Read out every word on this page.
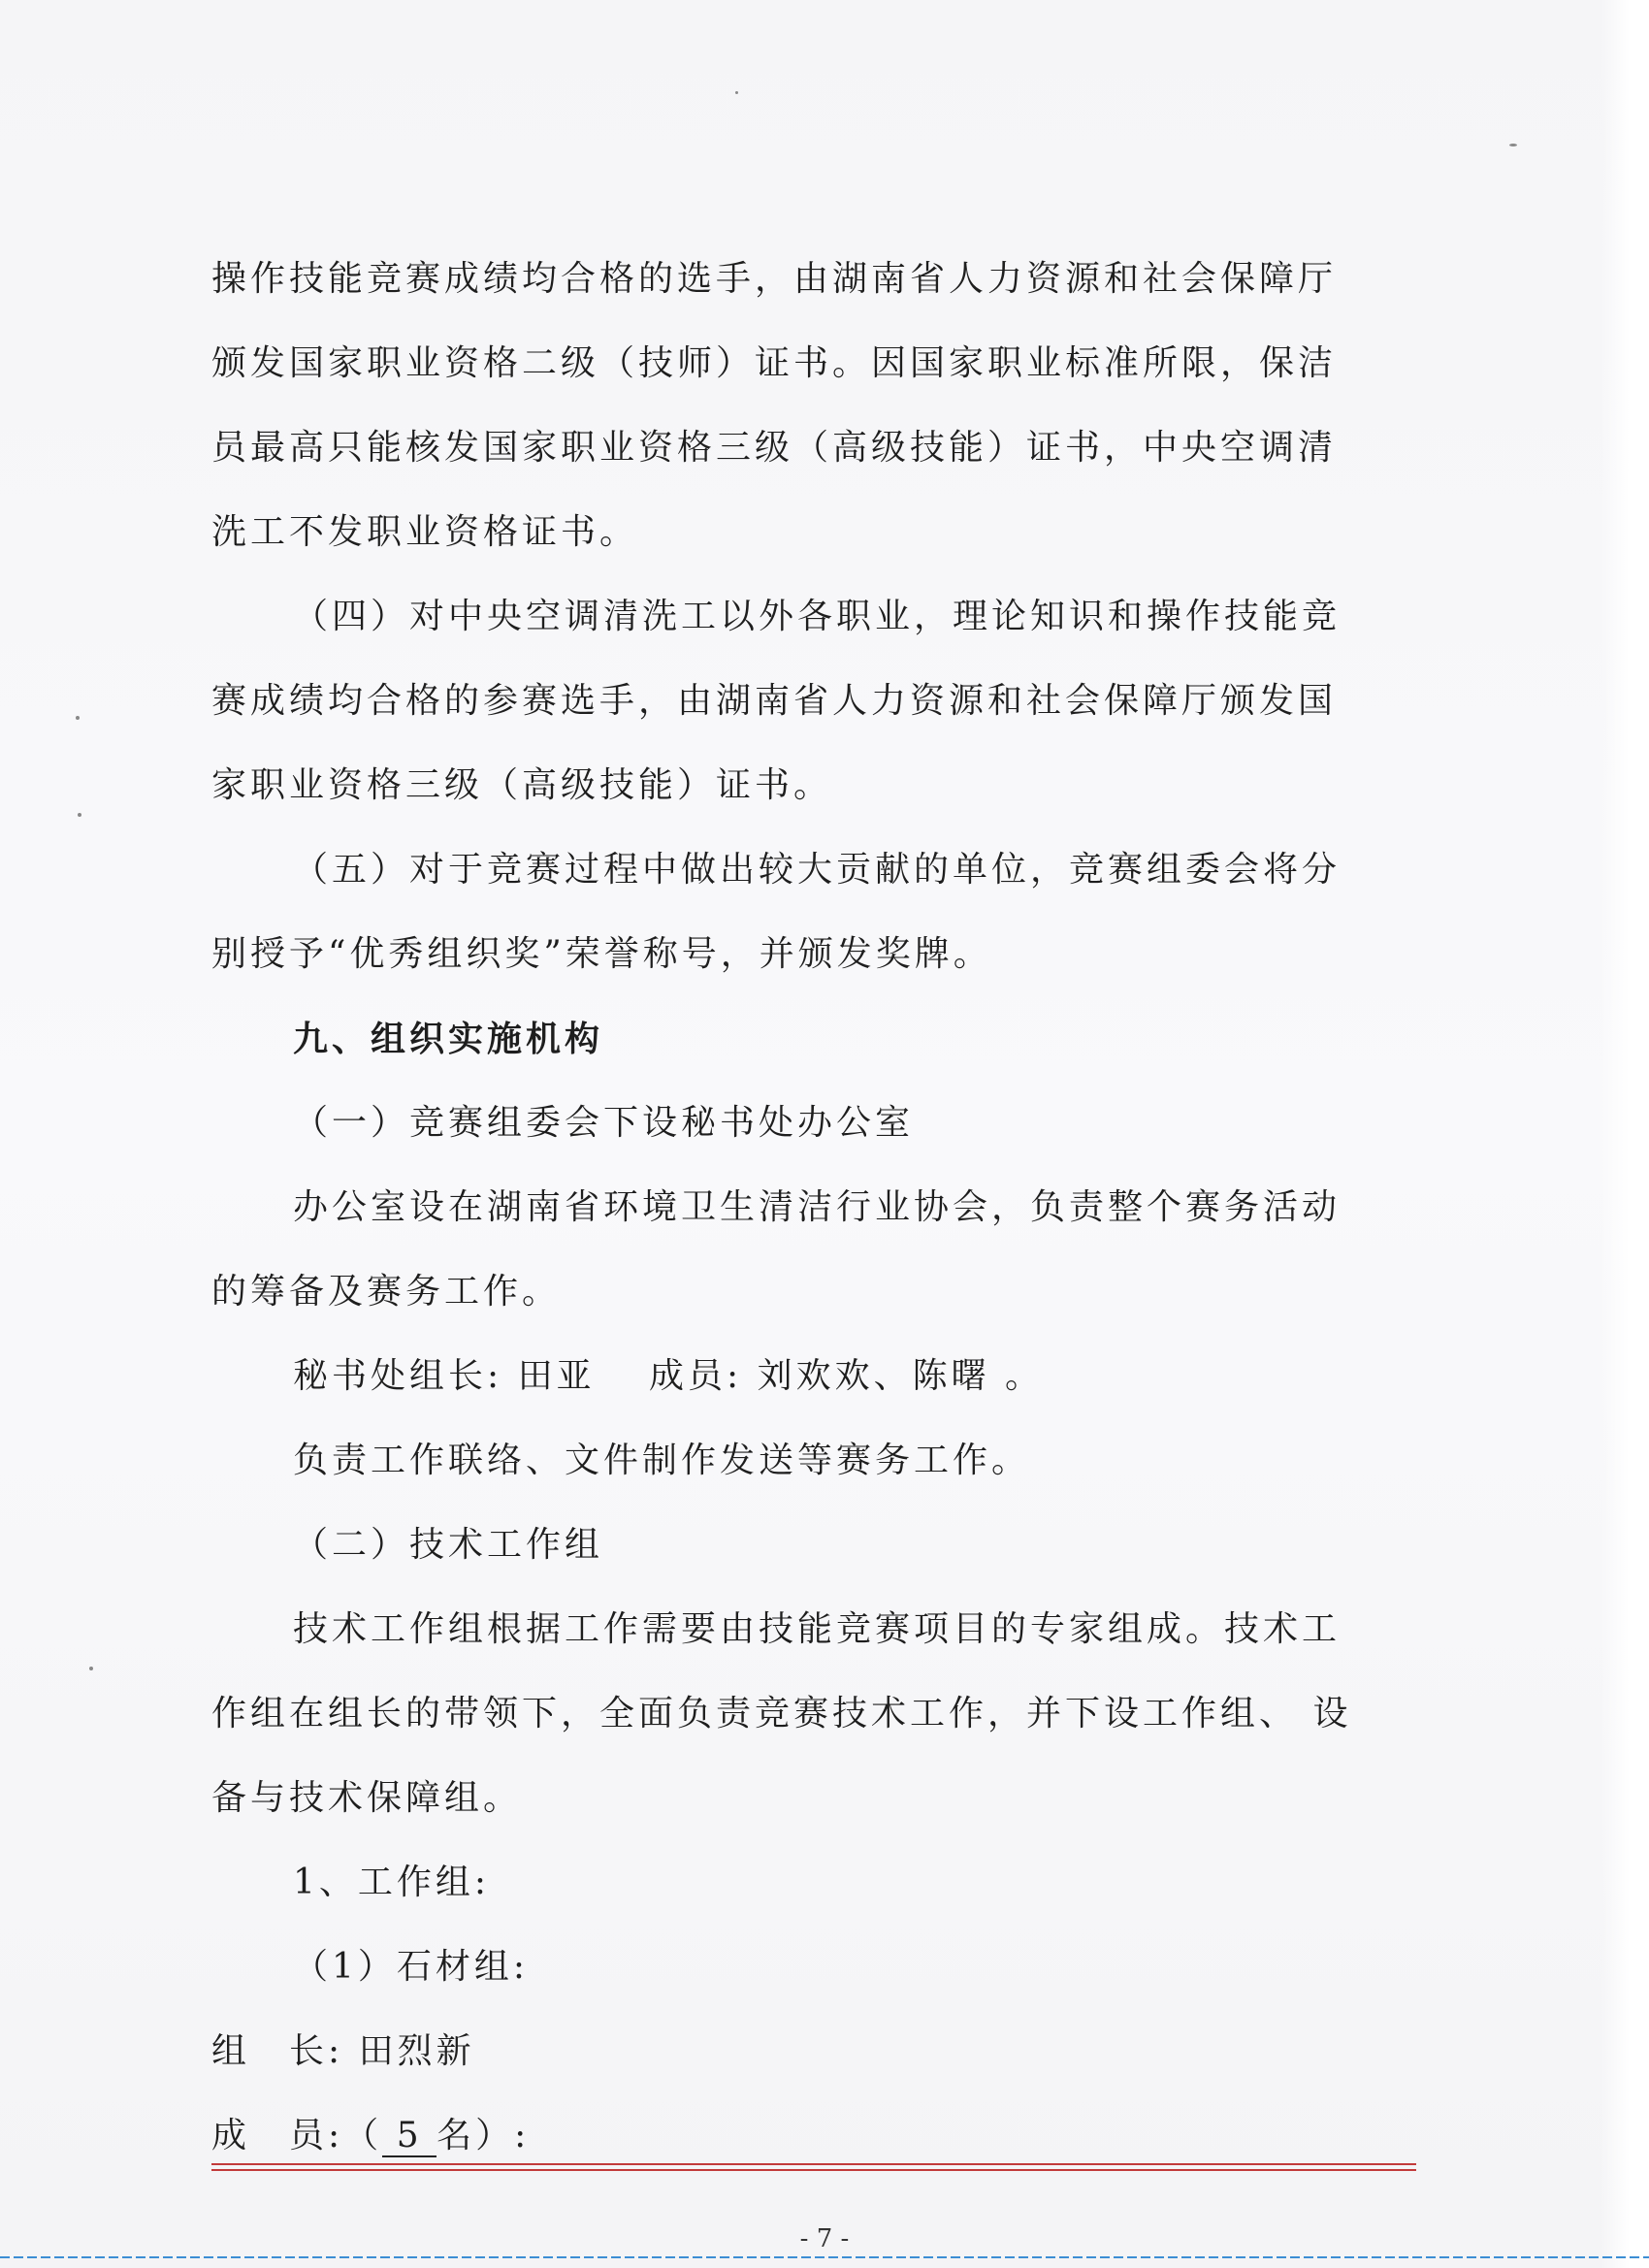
操作技能竞赛成绩均合格的选手，由湖南省人力资源和社会保障厅
颁发国家职业资格二级（技师）证书。因国家职业标准所限，保洁
员最高只能核发国家职业资格三级（高级技能）证书，中央空调清
洗工不发职业资格证书。
（四）对中央空调清洗工以外各职业，理论知识和操作技能竞
赛成绩均合格的参赛选手，由湖南省人力资源和社会保障厅颁发国
家职业资格三级（高级技能）证书。
（五）对于竞赛过程中做出较大贡献的单位，竞赛组委会将分
别授予“优秀组织奖”荣誉称号，并颁发奖牌。
九、组织实施机构
（一）竞赛组委会下设秘书处办公室
办公室设在湖南省环境卫生清洁行业协会，负责整个赛务活动
的筹备及赛务工作。
秘书处组长: 田亚　 成员: 刘欢欢、陈曙 。
负责工作联络、文件制作发送等赛务工作。
（二）技术工作组
技术工作组根据工作需要由技能竞赛项目的专家组成。技术工
作组在组长的带领下，全面负责竞赛技术工作，并下设工作组、 设
备与技术保障组。
1、工作组:
（1）石材组:
组　长: 田烈新
成　员:（ 5 名）:
- 7 -
